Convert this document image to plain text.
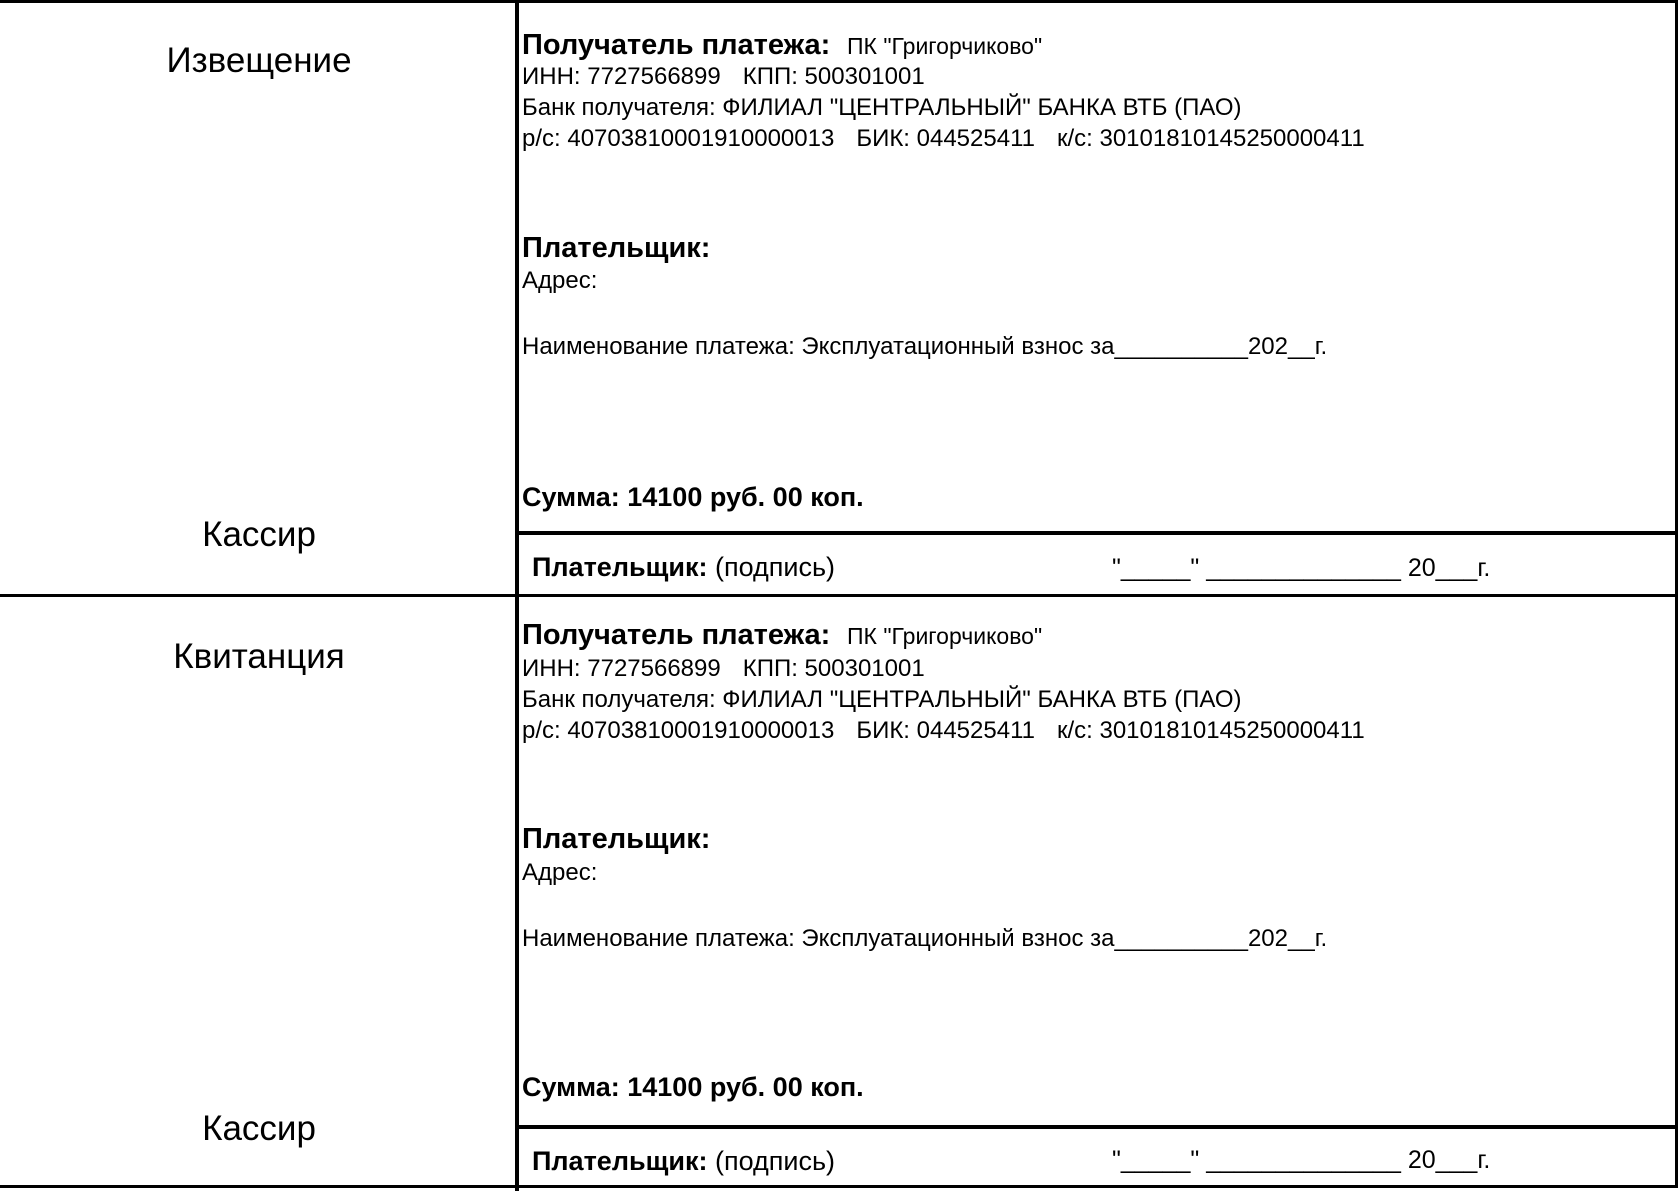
Извещение
Кассир
Получатель платежа: ПК "Григорчиково"
ИНН: 7727566899 КПП: 500301001
Банк получателя: ФИЛИАЛ "ЦЕНТРАЛЬНЫЙ" БАНКА ВТБ (ПАО)
р/с: 40703810001910000013 БИК: 044525411 к/с: 30101810145250000411
Плательщик:
Адрес:
Наименование платежа: Эксплуатационный взнос за__________202__г.
Сумма: 14100 руб. 00 коп.
Плательщик: (подпись)	"_____" ______________ 20___г.
Квитанция
Кассир
Получатель платежа: ПК "Григорчиково"
ИНН: 7727566899 КПП: 500301001
Банк получателя: ФИЛИАЛ "ЦЕНТРАЛЬНЫЙ" БАНКА ВТБ (ПАО)
р/с: 40703810001910000013 БИК: 044525411 к/с: 30101810145250000411
Плательщик:
Адрес:
Наименование платежа: Эксплуатационный взнос за__________202__г.
Сумма: 14100 руб. 00 коп.
Плательщик: (подпись)	"_____" ______________ 20___г.
